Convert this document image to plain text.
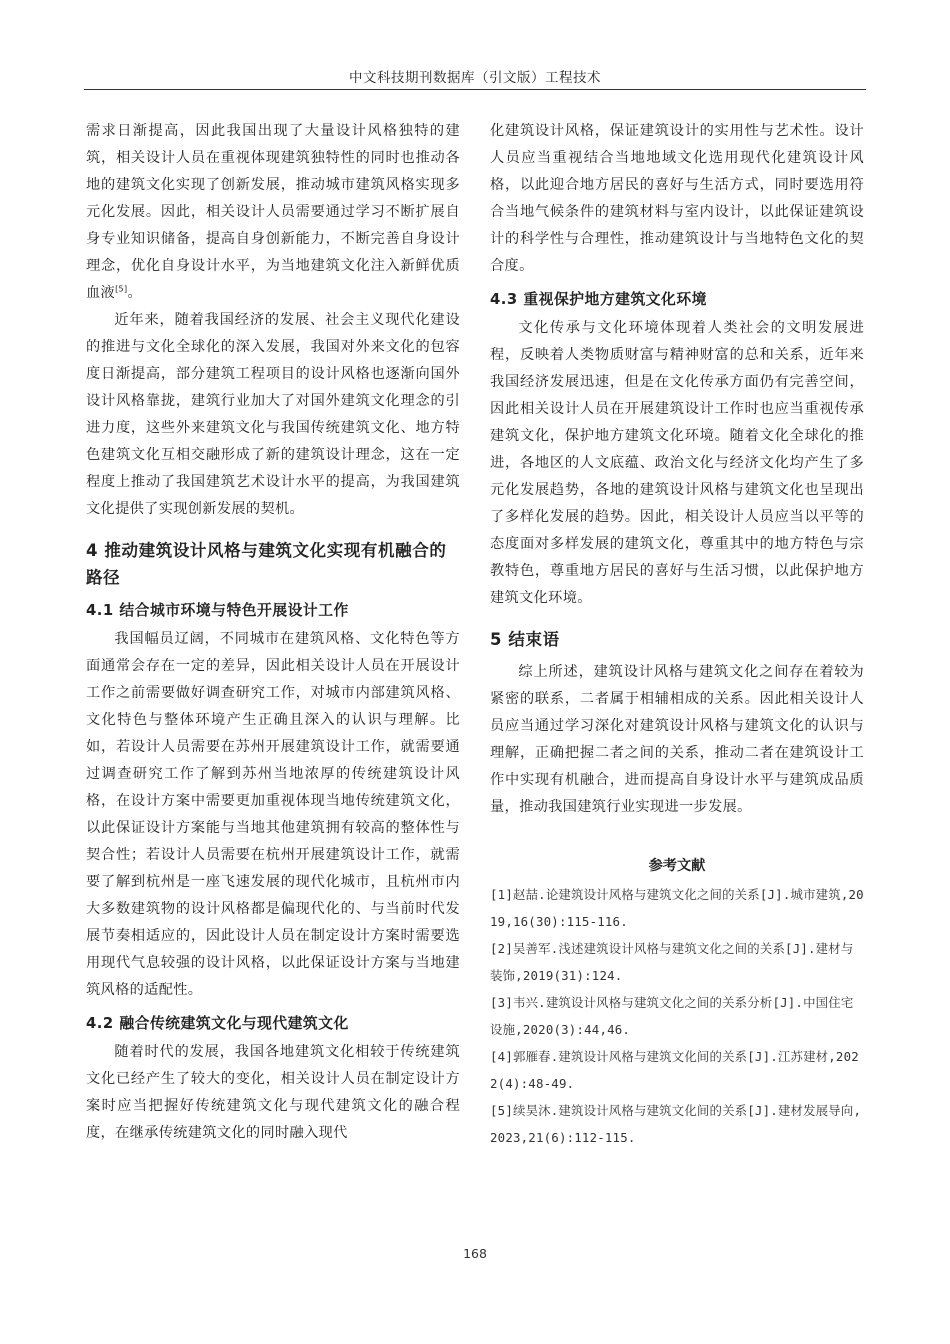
中文科技期刊数据库（引文版）工程技术

需求日渐提高，因此我国出现了大量设计风格独特的建筑，相关设计人员在重视体现建筑独特性的同时也推动各地的建筑文化实现了创新发展，推动城市建筑风格实现多元化发展。因此，相关设计人员需要通过学习不断扩展自身专业知识储备，提高自身创新能力，不断完善自身设计理念，优化自身设计水平，为当地建筑文化注入新鲜优质血液[5]。

近年来，随着我国经济的发展、社会主义现代化建设的推进与文化全球化的深入发展，我国对外来文化的包容度日渐提高，部分建筑工程项目的设计风格也逐渐向国外设计风格靠拢，建筑行业加大了对国外建筑文化理念的引进力度，这些外来建筑文化与我国传统建筑文化、地方特色建筑文化互相交融形成了新的建筑设计理念，这在一定程度上推动了我国建筑艺术设计水平的提高，为我国建筑文化提供了实现创新发展的契机。

4 推动建筑设计风格与建筑文化实现有机融合的路径
4.1 结合城市环境与特色开展设计工作

我国幅员辽阔，不同城市在建筑风格、文化特色等方面通常会存在一定的差异，因此相关设计人员在开展设计工作之前需要做好调查研究工作，对城市内部建筑风格、文化特色与整体环境产生正确且深入的认识与理解。比如，若设计人员需要在苏州开展建筑设计工作，就需要通过调查研究工作了解到苏州当地浓厚的传统建筑设计风格，在设计方案中需要更加重视体现当地传统建筑文化，以此保证设计方案能与当地其他建筑拥有较高的整体性与契合性；若设计人员需要在杭州开展建筑设计工作，就需要了解到杭州是一座飞速发展的现代化城市，且杭州市内大多数建筑物的设计风格都是偏现代化的、与当前时代发展节奏相适应的，因此设计人员在制定设计方案时需要选用现代气息较强的设计风格，以此保证设计方案与当地建筑风格的适配性。

4.2 融合传统建筑文化与现代建筑文化

随着时代的发展，我国各地建筑文化相较于传统建筑文化已经产生了较大的变化，相关设计人员在制定设计方案时应当把握好传统建筑文化与现代建筑文化的融合程度，在继承传统建筑文化的同时融入现代

化建筑设计风格，保证建筑设计的实用性与艺术性。设计人员应当重视结合当地地域文化选用现代化建筑设计风格，以此迎合地方居民的喜好与生活方式，同时要选用符合当地气候条件的建筑材料与室内设计，以此保证建筑设计的科学性与合理性，推动建筑设计与当地特色文化的契合度。

4.3 重视保护地方建筑文化环境

文化传承与文化环境体现着人类社会的文明发展进程，反映着人类物质财富与精神财富的总和关系，近年来我国经济发展迅速，但是在文化传承方面仍有完善空间，因此相关设计人员在开展建筑设计工作时也应当重视传承建筑文化，保护地方建筑文化环境。随着文化全球化的推进，各地区的人文底蕴、政治文化与经济文化均产生了多元化发展趋势，各地的建筑设计风格与建筑文化也呈现出了多样化发展的趋势。因此，相关设计人员应当以平等的态度面对多样发展的建筑文化，尊重其中的地方特色与宗教特色，尊重地方居民的喜好与生活习惯，以此保护地方建筑文化环境。

5 结束语

综上所述，建筑设计风格与建筑文化之间存在着较为紧密的联系，二者属于相辅相成的关系。因此相关设计人员应当通过学习深化对建筑设计风格与建筑文化的认识与理解，正确把握二者之间的关系，推动二者在建筑设计工作中实现有机融合，进而提高自身设计水平与建筑成品质量，推动我国建筑行业实现进一步发展。

参考文献
[1]赵喆.论建筑设计风格与建筑文化之间的关系[J].城市建筑,2019,16(30):115-116.
[2]吴善军.浅述建筑设计风格与建筑文化之间的关系[J].建材与装饰,2019(31):124.
[3]韦兴.建筑设计风格与建筑文化之间的关系分析[J].中国住宅设施,2020(3):44,46.
[4]郭雁春.建筑设计风格与建筑文化间的关系[J].江苏建材,2022(4):48-49.
[5]续昊沐.建筑设计风格与建筑文化间的关系[J].建材发展导向,2023,21(6):112-115.
168
